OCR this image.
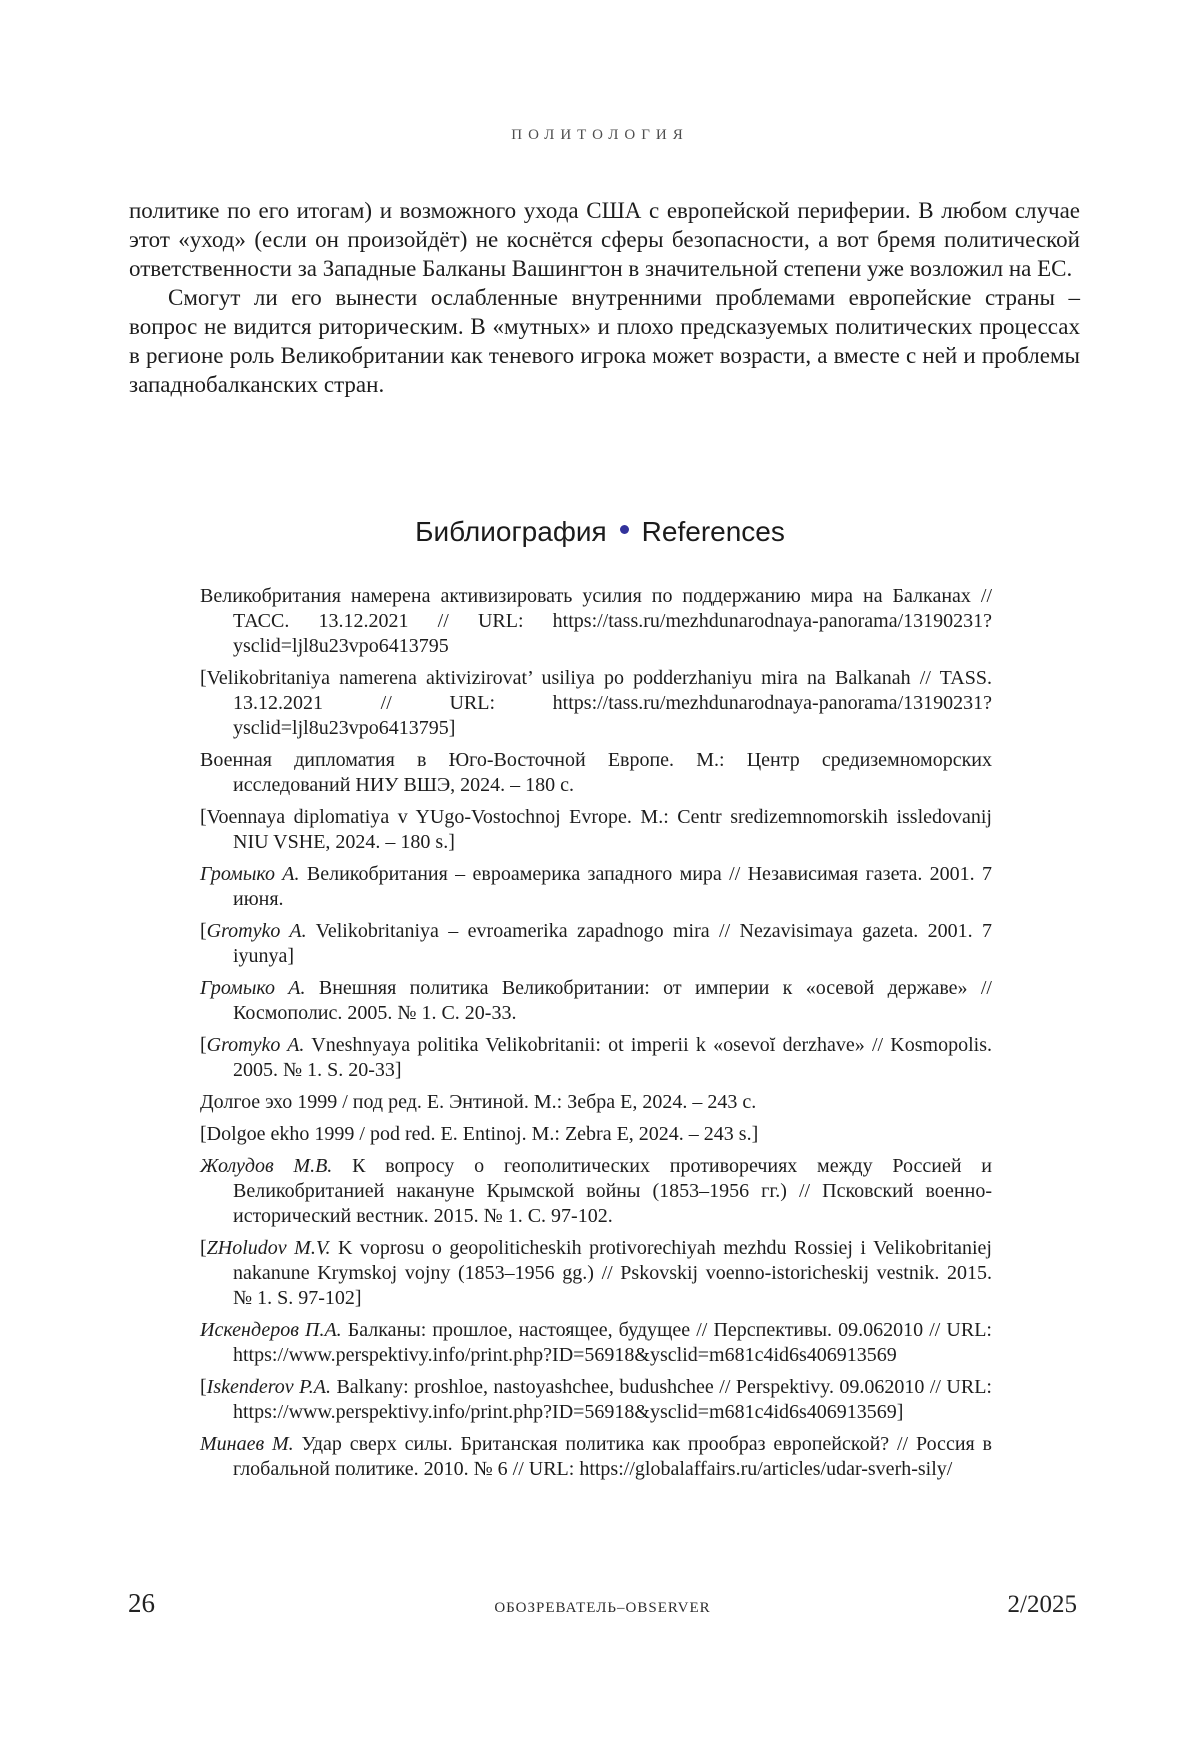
ПОЛИТОЛОГИЯ

политике по его итогам) и возможного ухода США с европейской периферии. В любом случае этот «уход» (если он произойдёт) не коснётся сферы безопасности, а вот бремя политической ответственности за Западные Балканы Вашингтон в значительной степени уже возложил на ЕС.

Смогут ли его вынести ослабленные внутренними проблемами европейские страны – вопрос не видится риторическим. В «мутных» и плохо предсказуемых политических процессах в регионе роль Великобритании как теневого игрока может возрасти, а вместе с ней и проблемы западнобалканских стран.

Библиография References
Великобритания намерена активизировать усилия по поддержанию мира на Балканах // ТАСС. 13.12.2021 // URL: https://tass.ru/mezhdunarodnaya-panorama/13190231?ysclid=ljl8u23vpo6413795
[Velikobritaniya namerena aktivizirovat’ usiliya po podderzhaniyu mira na Balkanah // TASS. 13.12.2021 // URL: https://tass.ru/mezhdunarodnaya-panorama/13190231?ysclid=ljl8u23vpo6413795]
Военная дипломатия в Юго-Восточной Европе. М.: Центр средиземноморских исследований НИУ ВШЭ, 2024. – 180 с.
[Voennaya diplomatiya v YUgo-Vostochnoj Evrope. M.: Centr sredizemnomorskih issledovanij NIU VSHE, 2024. – 180 s.]
Громыко А. Великобритания – евроамерика западного мира // Независимая газета. 2001. 7 июня.
[Gromyko A. Velikobritaniya – evroamerika zapadnogo mira // Nezavisimaya gazeta. 2001. 7 iyunya]
Громыко А. Внешняя политика Великобритании: от империи к «осевой державе» // Космополис. 2005. № 1. С. 20-33.
[Gromyko A. Vneshnyaya politika Velikobritanii: ot imperii k «osevoĭ derzhave» // Kosmopolis. 2005. № 1. S. 20-33]
Долгое эхо 1999 / под ред. Е. Энтиной. М.: Зебра Е, 2024. – 243 с.
[Dolgoe ekho 1999 / pod red. E. Entinoj. M.: Zebra E, 2024. – 243 s.]
Жолудов М.В. К вопросу о геополитических противоречиях между Россией и Великобританией накануне Крымской войны (1853–1956 гг.) // Псковский военно-исторический вестник. 2015. № 1. С. 97-102.
[ZHoludov M.V. K voprosu o geopoliticheskih protivorechiyah mezhdu Rossiej i Velikobritaniej nakanune Krymskoj vojny (1853–1956 gg.) // Pskovskij voenno-istoricheskij vestnik. 2015. № 1. S. 97-102]
Искендеров П.А. Балканы: прошлое, настоящее, будущее // Перспективы. 09.062010 // URL: https://www.perspektivy.info/print.php?ID=56918&ysclid=m681c4id6s406913569
[Iskenderov P.A. Balkany: proshloe, nastoyashchee, budushchee // Perspektivy. 09.062010 // URL: https://www.perspektivy.info/print.php?ID=56918&ysclid=m681c4id6s406913569]
Минаев М. Удар сверх силы. Британская политика как прообраз европейской? // Россия в глобальной политике. 2010. № 6 // URL: https://globalaffairs.ru/articles/udar-sverh-sily/
26	ОБОЗРЕВАТЕЛЬ–OBSERVER	2/2025
